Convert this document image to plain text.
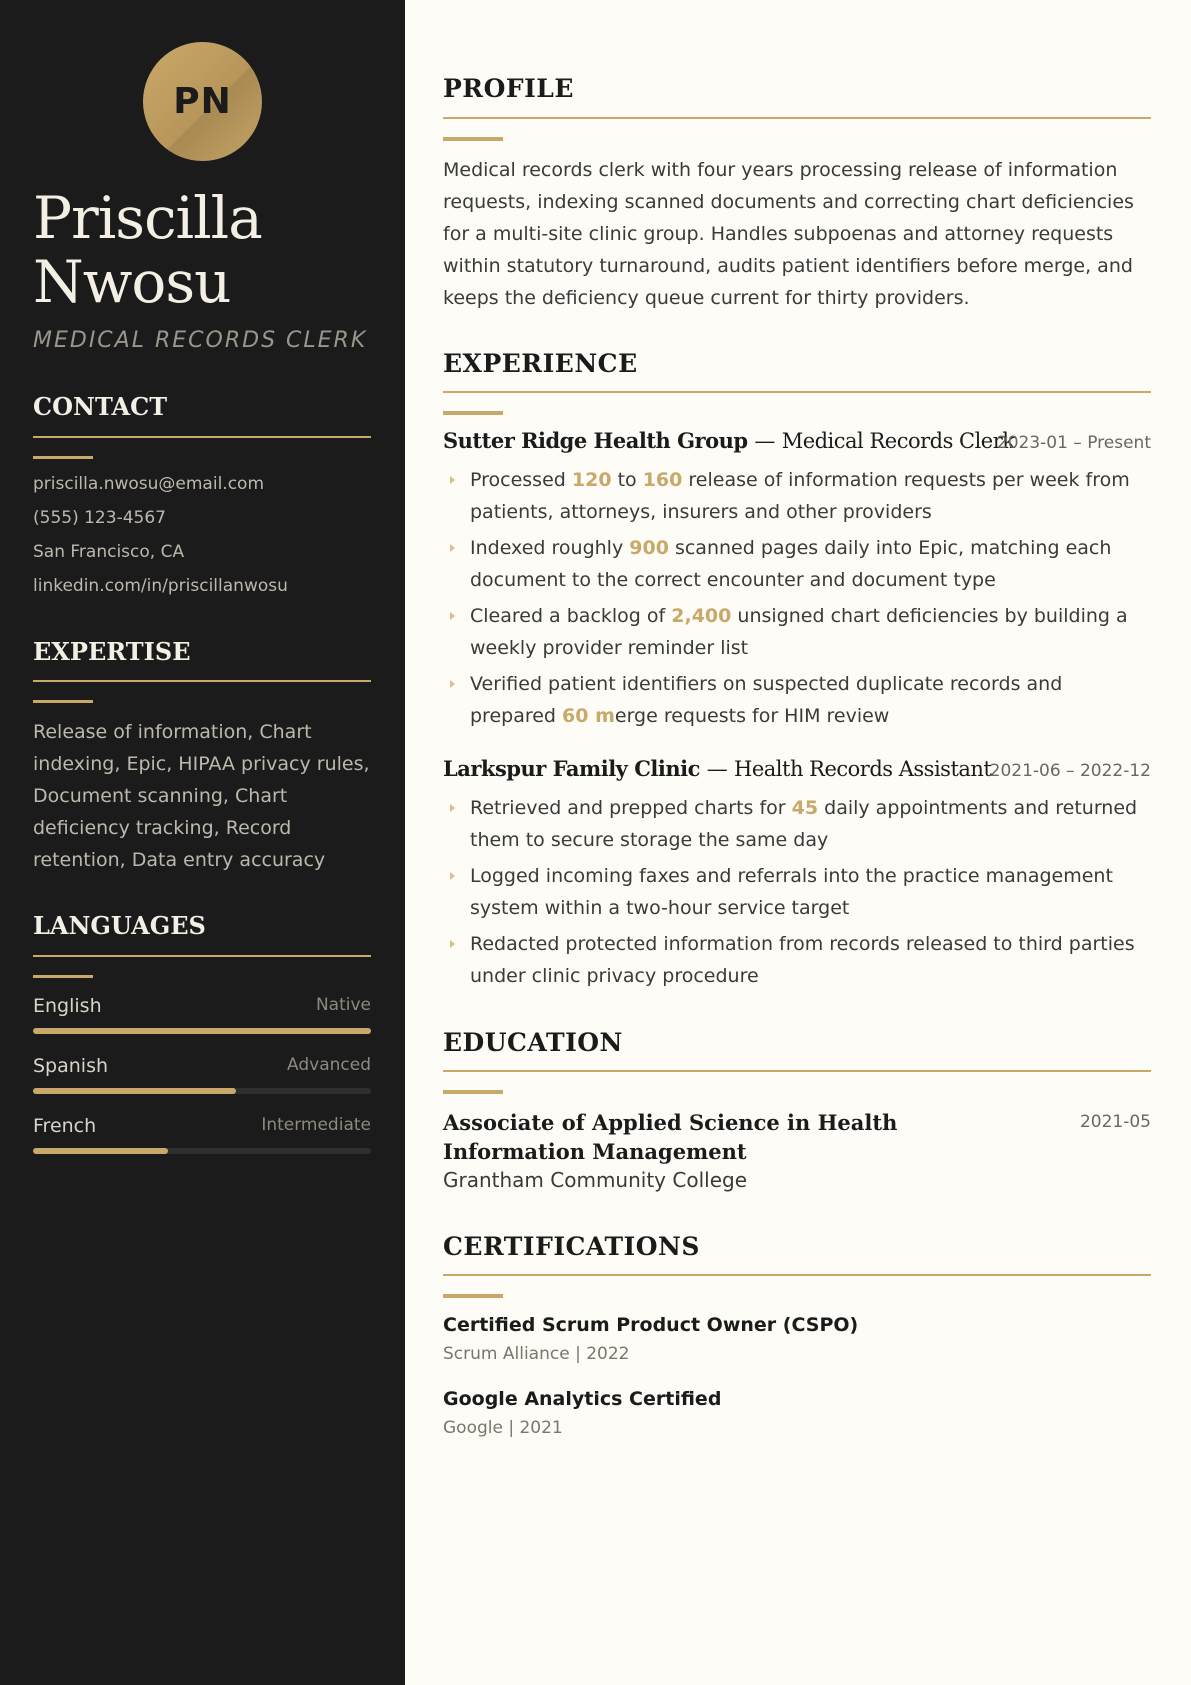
PN
Priscilla
Nwosu
MEDICAL RECORDS CLERK
CONTACT
priscilla.nwosu@email.com
(555) 123-4567
San Francisco, CA
linkedin.com/in/priscillanwosu
EXPERTISE
Release of information, Chart indexing, Epic, HIPAA privacy rules, Document scanning, Chart deficiency tracking, Record retention, Data entry accuracy
LANGUAGES
English	Native
Spanish	Advanced
French	Intermediate
PROFILE
Medical records clerk with four years processing release of information requests, indexing scanned documents and correcting chart deficiencies for a multi-site clinic group. Handles subpoenas and attorney requests within statutory turnaround, audits patient identifiers before merge, and keeps the deficiency queue current for thirty providers.
EXPERIENCE
Sutter Ridge Health Group — Medical Records Clerk
2023-01 – Present
Processed 120 to 160 release of information requests per week from patients, attorneys, insurers and other providers
Indexed roughly 900 scanned pages daily into Epic, matching each document to the correct encounter and document type
Cleared a backlog of 2,400 unsigned chart deficiencies by building a weekly provider reminder list
Verified patient identifiers on suspected duplicate records and prepared 60 merge requests for HIM review
Larkspur Family Clinic — Health Records Assistant
2021-06 – 2022-12
Retrieved and prepped charts for 45 daily appointments and returned them to secure storage the same day
Logged incoming faxes and referrals into the practice management system within a two-hour service target
Redacted protected information from records released to third parties under clinic privacy procedure
EDUCATION
Associate of Applied Science in Health Information Management
2021-05
Grantham Community College
CERTIFICATIONS
Certified Scrum Product Owner (CSPO)
Scrum Alliance | 2022
Google Analytics Certified
Google | 2021
